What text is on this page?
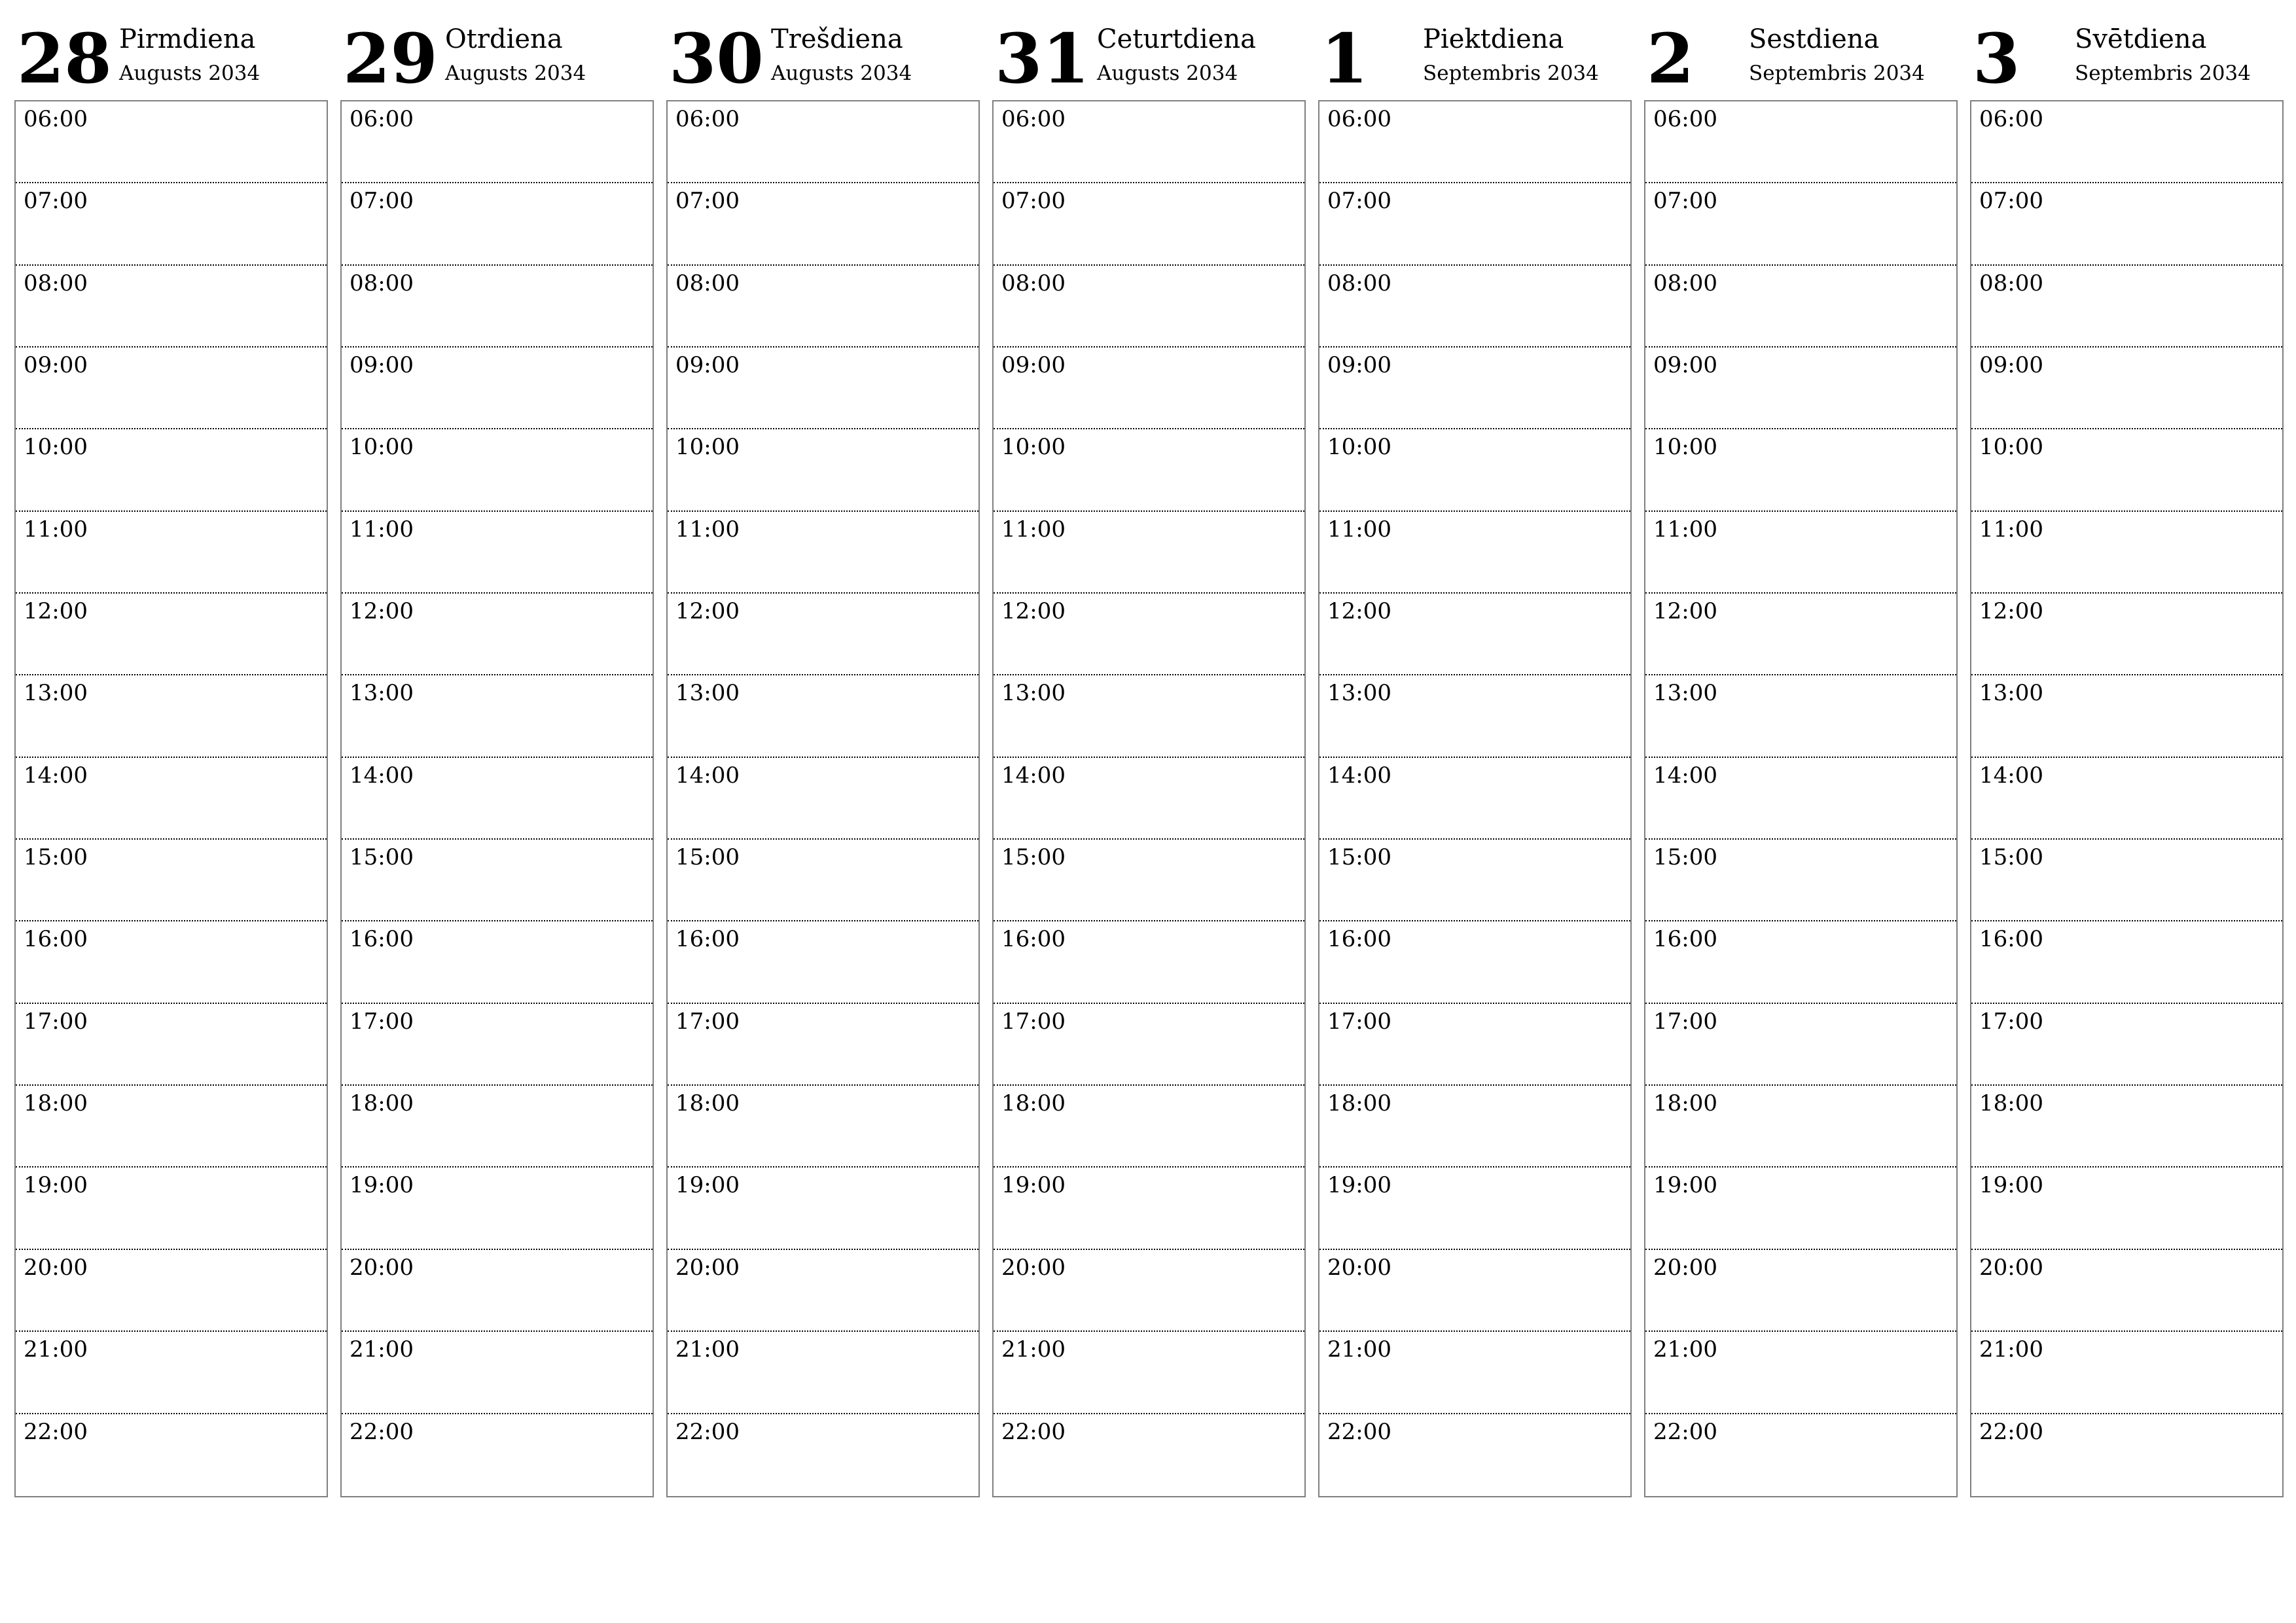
28 Pirmdiena
Augusts 2034
06:00
07:00
08:00
09:00
10:00
11:00
12:00
13:00
14:00
15:00
16:00
17:00
18:00
19:00
20:00
21:00
22:00
29 Otrdiena
Augusts 2034
06:00
07:00
08:00
09:00
10:00
11:00
12:00
13:00
14:00
15:00
16:00
17:00
18:00
19:00
20:00
21:00
22:00
30 Trešdiena
Augusts 2034
06:00
07:00
08:00
09:00
10:00
11:00
12:00
13:00
14:00
15:00
16:00
17:00
18:00
19:00
20:00
21:00
22:00
31 Ceturtdiena
Augusts 2034
06:00
07:00
08:00
09:00
10:00
11:00
12:00
13:00
14:00
15:00
16:00
17:00
18:00
19:00
20:00
21:00
22:00
1 Piektdiena
Septembris 2034
06:00
07:00
08:00
09:00
10:00
11:00
12:00
13:00
14:00
15:00
16:00
17:00
18:00
19:00
20:00
21:00
22:00
2 Sestdiena
Septembris 2034
06:00
07:00
08:00
09:00
10:00
11:00
12:00
13:00
14:00
15:00
16:00
17:00
18:00
19:00
20:00
21:00
22:00
3 Svētdiena
Septembris 2034
06:00
07:00
08:00
09:00
10:00
11:00
12:00
13:00
14:00
15:00
16:00
17:00
18:00
19:00
20:00
21:00
22:00
